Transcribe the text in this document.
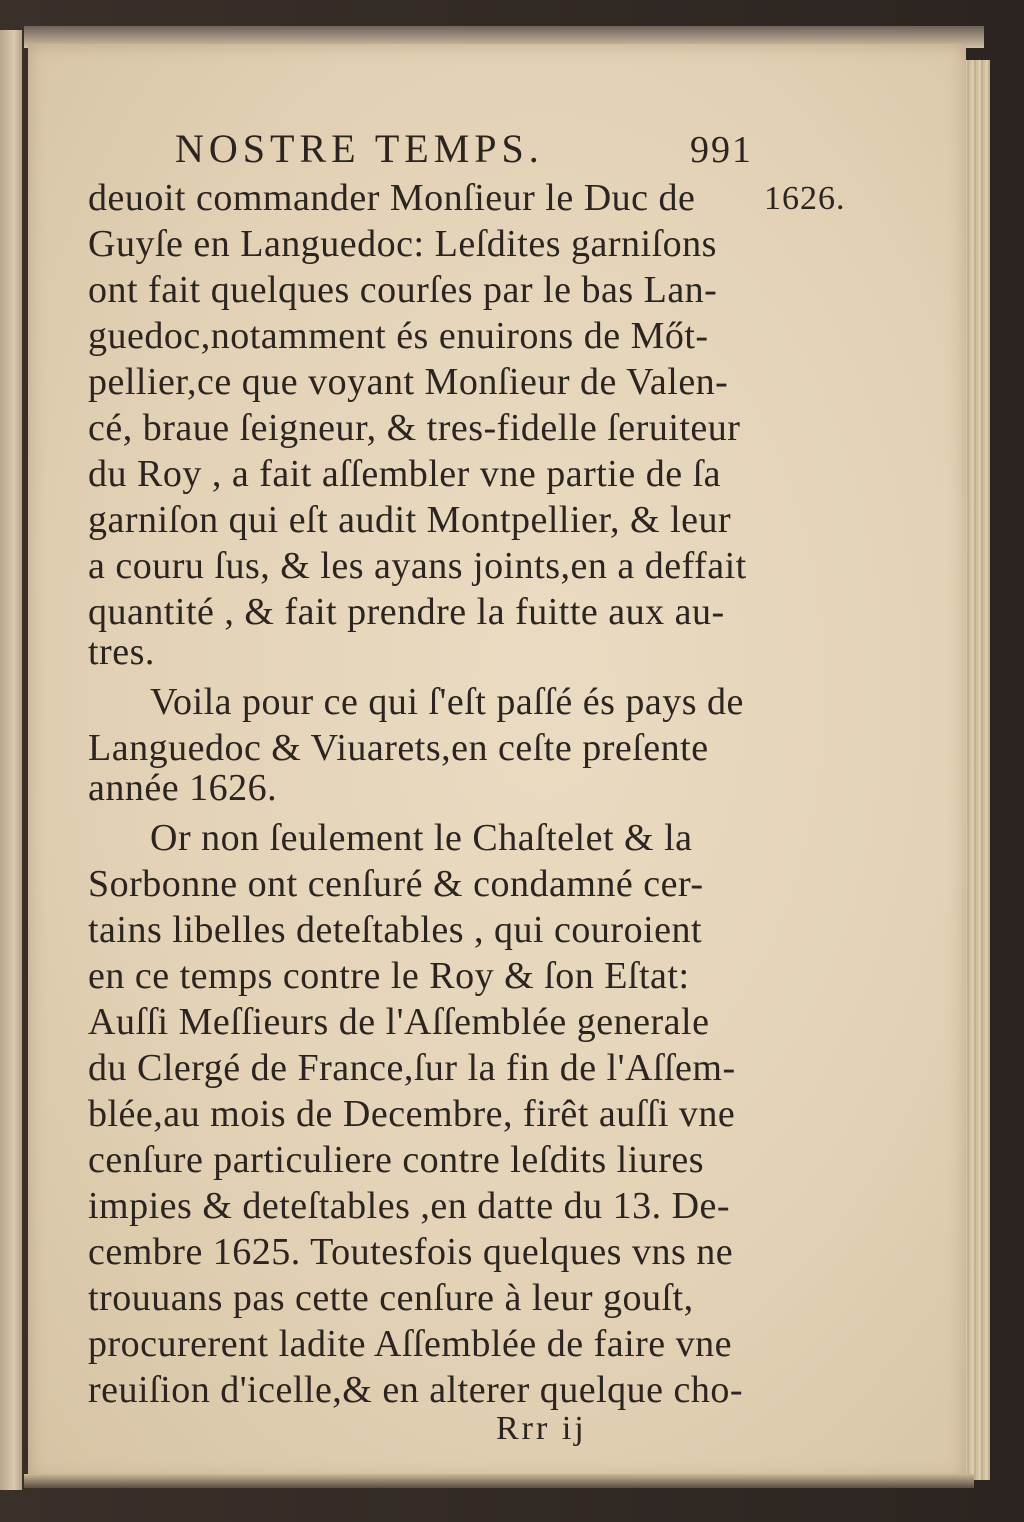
NOSTRE TEMPS.	991
1626.
deuoit commander Monſieur le Duc de
Guyſe en Languedoc: Leſdites garniſons
ont fait quelques courſes par le bas Lan-
guedoc,notamment és enuirons de Mőt-
pellier,ce que voyant Monſieur de Valen-
cé, braue ſeigneur, & tres-fidelle ſeruiteur
du Roy , a fait aſſembler vne partie de ſa
garniſon qui eſt audit Montpellier, & leur
a couru ſus, & les ayans joints,en a deffait
quantité , & fait prendre la fuitte aux au-
tres.
Voila pour ce qui ſ'eſt paſſé és pays de
Languedoc & Viuarets,en ceſte preſente
année 1626.
Or non ſeulement le Chaſtelet & la
Sorbonne ont cenſuré & condamné cer-
tains libelles deteſtables , qui couroient
en ce temps contre le Roy & ſon Eſtat:
Auſſi Meſſieurs de l'Aſſemblée generale
du Clergé de France,ſur la fin de l'Aſſem-
blée,au mois de Decembre, firêt auſſi vne
cenſure particuliere contre leſdits liures
impies & deteſtables ,en datte du 13. De-
cembre 1625. Toutesfois quelques vns ne
trouuans pas cette cenſure à leur gouſt,
procurerent ladite Aſſemblée de faire vne
reuiſion d'icelle,& en alterer quelque cho-
Rrr ij
